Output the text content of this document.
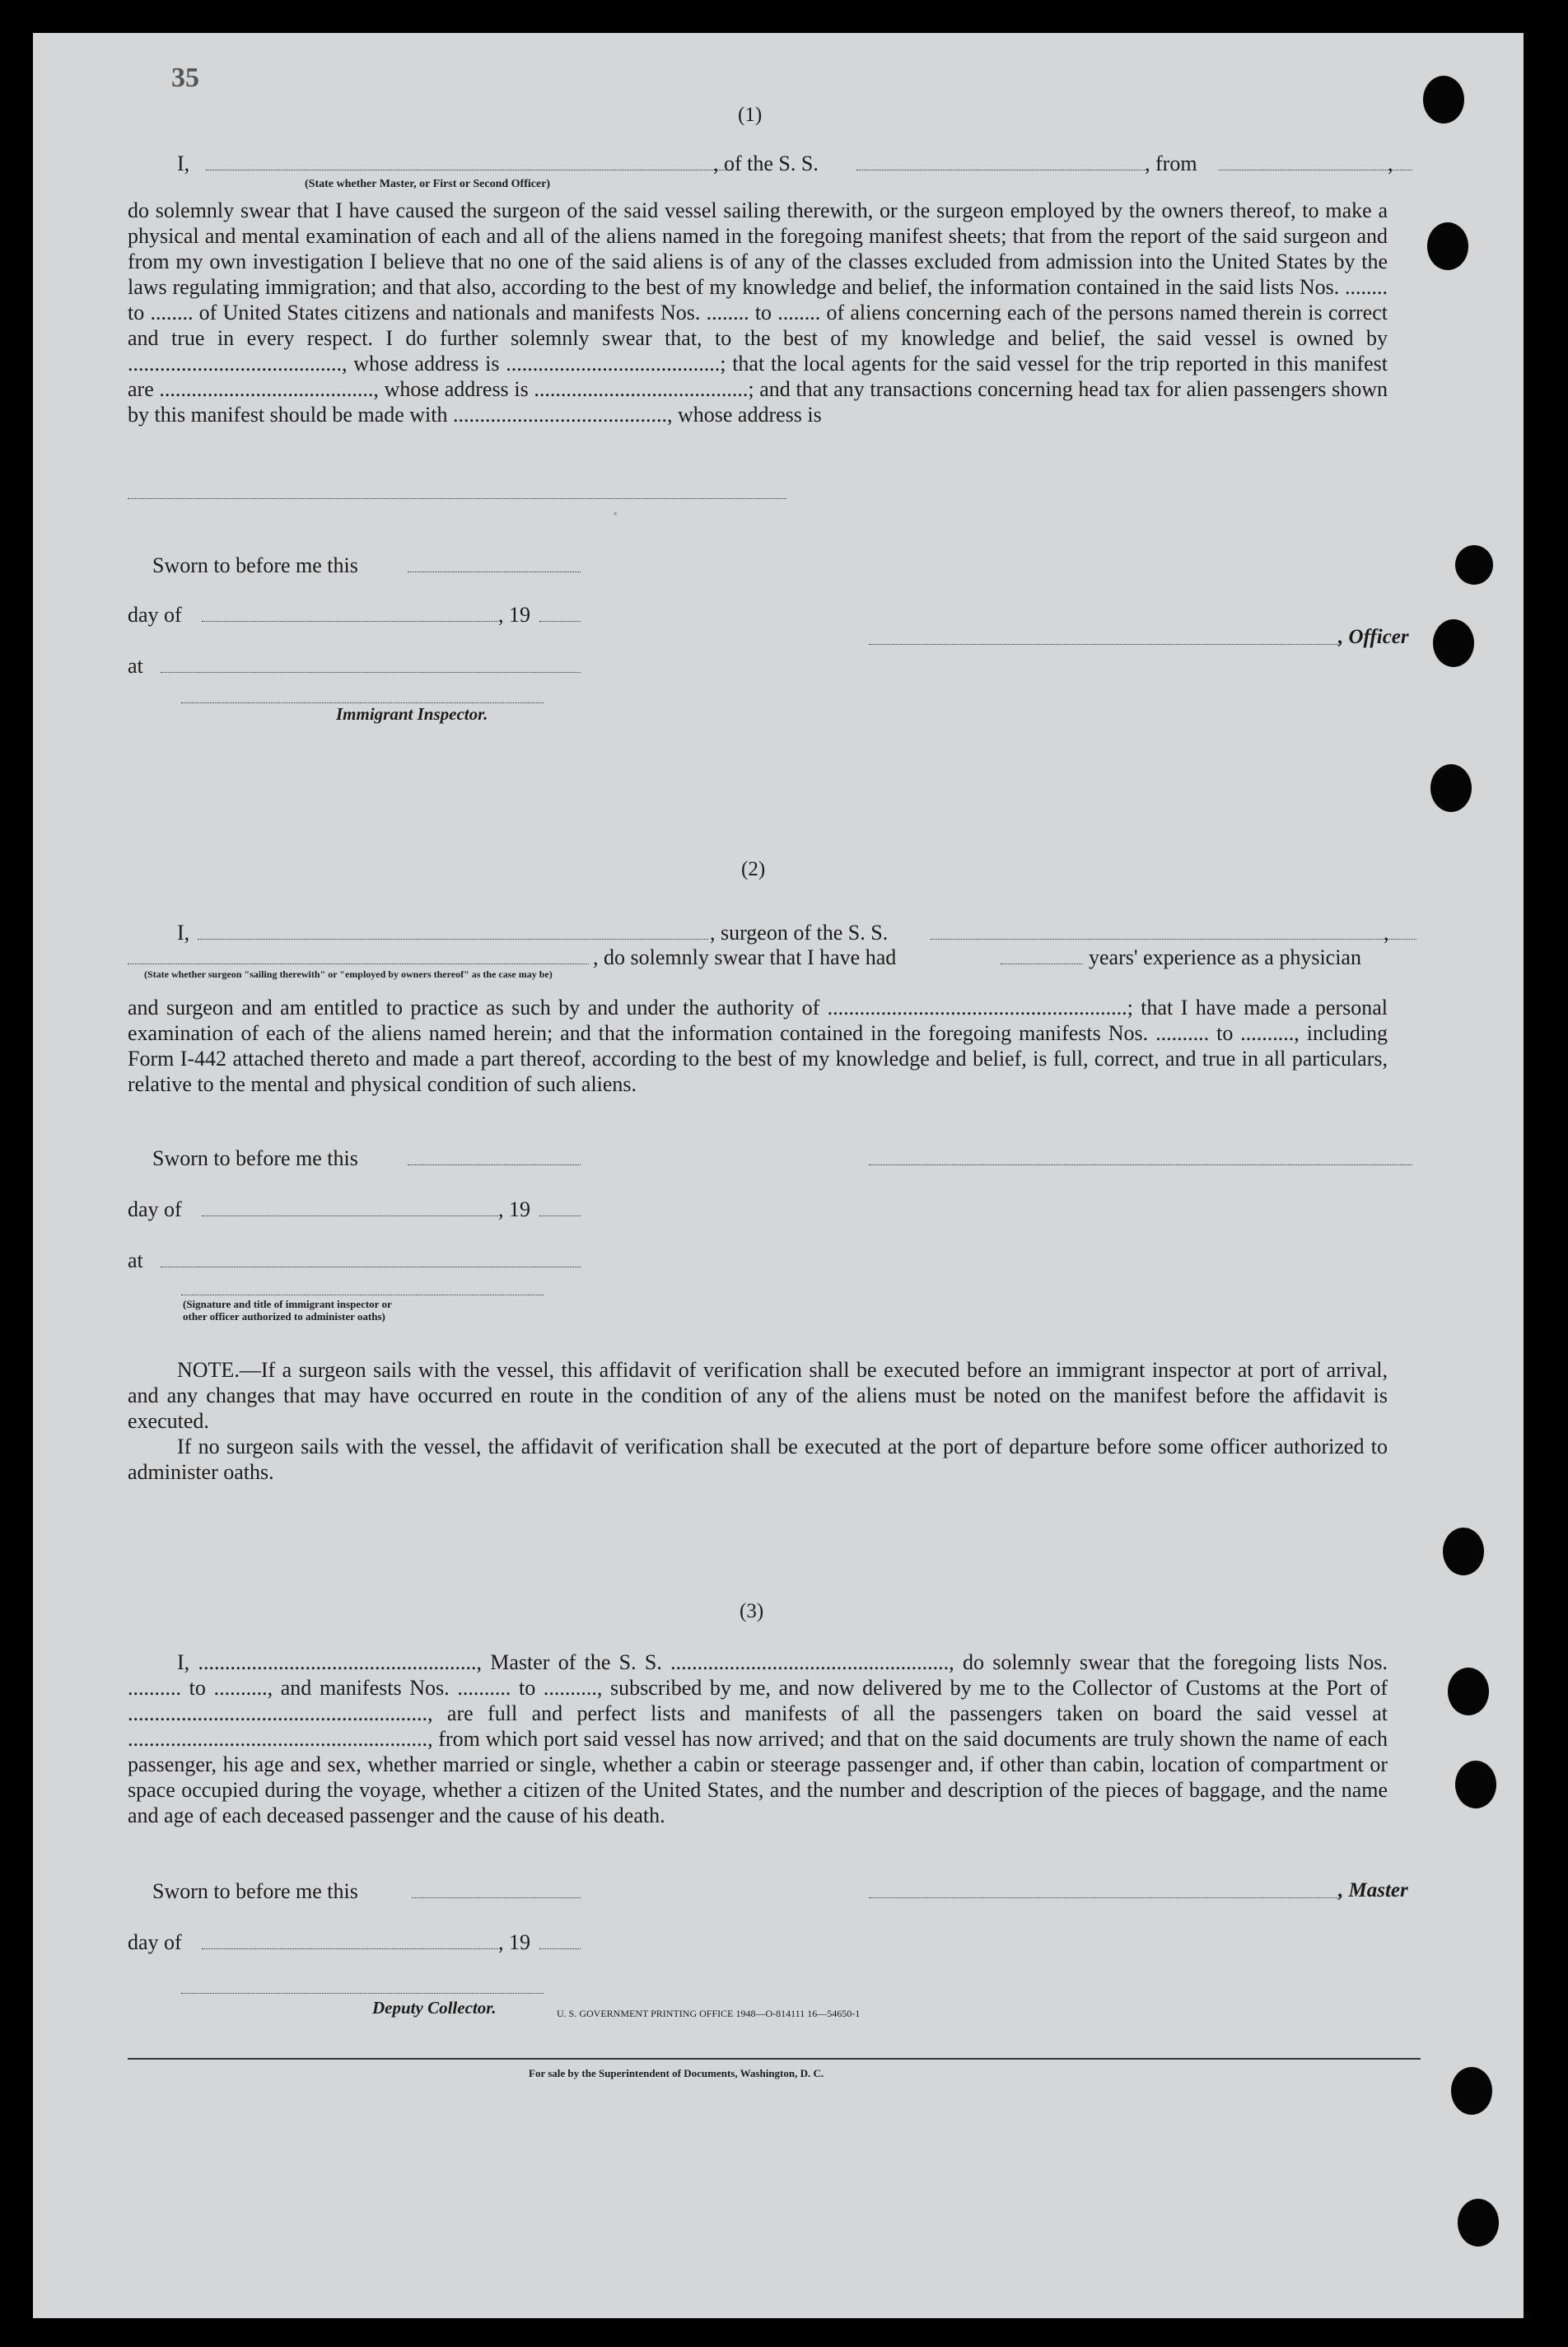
·
35
(1)
I,	, of the S. S.	, from	,
(State whether Master, or First or Second Officer)

do solemnly swear that I have caused the surgeon of the said vessel sailing therewith, or the surgeon employed by the owners thereof, to make a physical and mental examination of each and all of the aliens named in the foregoing manifest sheets; that from the report of the said surgeon and from my own investigation I believe that no one of the said aliens is of any of the classes excluded from admission into the United States by the laws regulating immigration; and that also, according to the best of my knowledge and belief, the information contained in the said lists Nos. ........ to ........ of United States citizens and nationals and manifests Nos. ........ to ........ of aliens concerning each of the persons named therein is correct and true in every respect. I do further solemnly swear that, to the best of my knowledge and belief, the said vessel is owned by ........................................, whose address is ........................................; that the local agents for the said vessel for the trip reported in this manifest are ........................................, whose address is ........................................; and that any transactions concerning head tax for alien passengers shown by this manifest should be made with ........................................, whose address is

Sworn to before me this
day of	, 19
, Officer
at
Immigrant Inspector.
(2)
I,	, surgeon of the S. S.	,
, do solemnly swear that I have had	years' experience as a physician
(State whether surgeon "sailing therewith" or "employed by owners thereof" as the case may be)

and surgeon and am entitled to practice as such by and under the authority of ........................................................; that I have made a personal examination of each of the aliens named herein; and that the information contained in the foregoing manifests Nos. .......... to .........., including Form I-442 attached thereto and made a part thereof, according to the best of my knowledge and belief, is full, correct, and true in all particulars, relative to the mental and physical condition of such aliens.

Sworn to before me this
day of	, 19
at
(Signature and title of immigrant inspector or
other officer authorized to administer oaths)

NOTE.—If a surgeon sails with the vessel, this affidavit of verification shall be executed before an immigrant inspector at port of arrival, and any changes that may have occurred en route in the condition of any of the aliens must be noted on the manifest before the affidavit is executed.

If no surgeon sails with the vessel, the affidavit of verification shall be executed at the port of departure before some officer authorized to administer oaths.

(3)

I, ...................................................., Master of the S. S. ...................................................., do solemnly swear that the foregoing lists Nos. .......... to .........., and manifests Nos. .......... to .........., subscribed by me, and now delivered by me to the Collector of Customs at the Port of ........................................................, are full and perfect lists and manifests of all the passengers taken on board the said vessel at ........................................................, from which port said vessel has now arrived; and that on the said documents are truly shown the name of each passenger, his age and sex, whether married or single, whether a cabin or steerage passenger and, if other than cabin, location of compartment or space occupied during the voyage, whether a citizen of the United States, and the number and description of the pieces of baggage, and the name and age of each deceased passenger and the cause of his death.

Sworn to before me this	, Master
day of	, 19
Deputy Collector.	U. S. GOVERNMENT PRINTING OFFICE 1948—O-814111 16—54650-1
For sale by the Superintendent of Documents, Washington, D. C.
